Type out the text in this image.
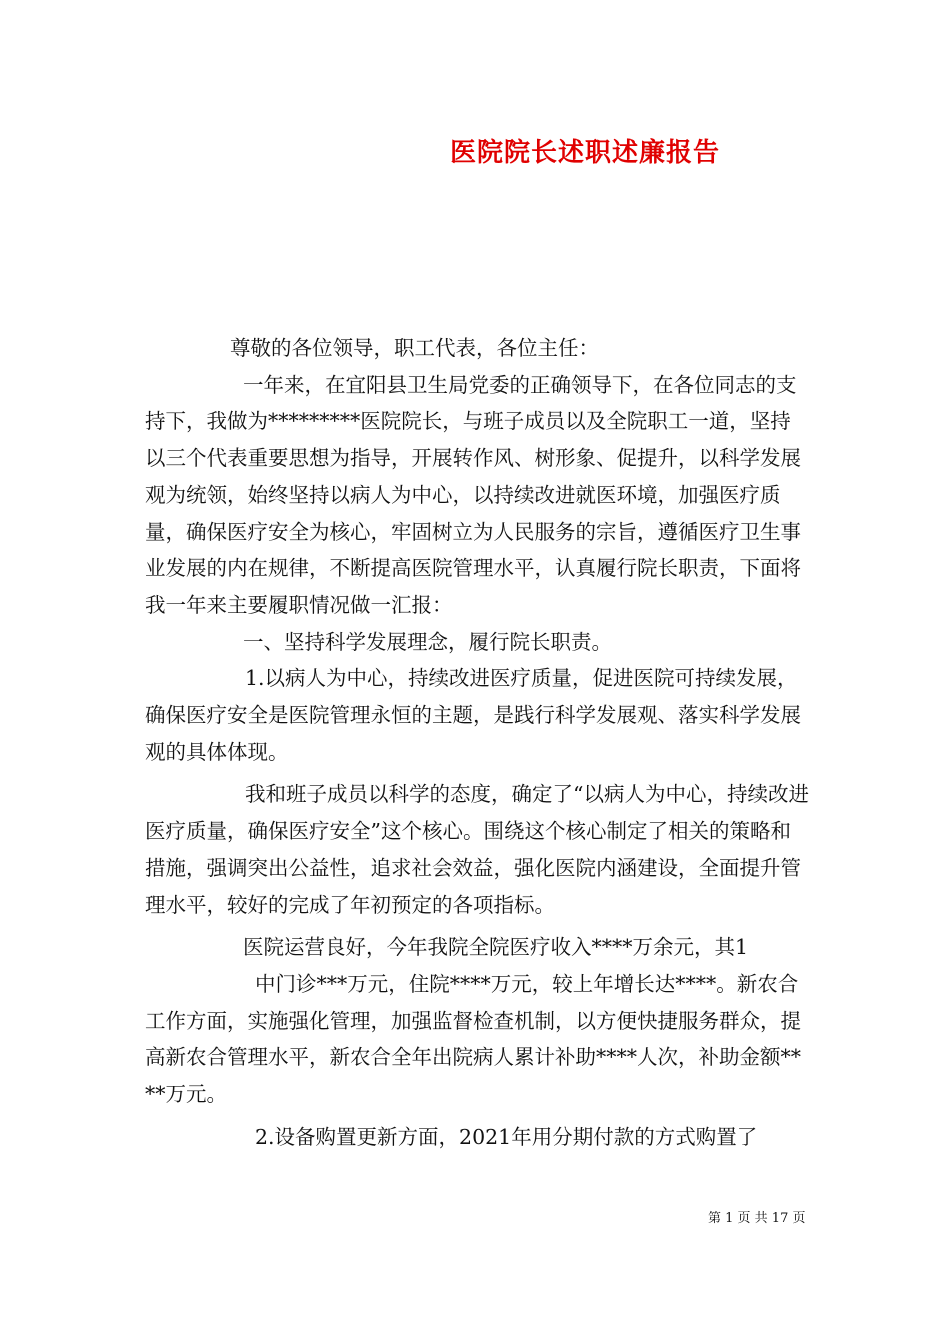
医院院长述职述廉报告

尊敬的各位领导，职工代表，各位主任：

一年来，在宜阳县卫生局党委的正确领导下，在各位同志的支持下，我做为*********医院院长，与班子成员以及全院职工一道，坚持以三个代表重要思想为指导，开展转作风、树形象、促提升，以科学发展观为统领，始终坚持以病人为中心，以持续改进就医环境，加强医疗质量，确保医疗安全为核心，牢固树立为人民服务的宗旨，遵循医疗卫生事业发展的内在规律，不断提高医院管理水平，认真履行院长职责，下面将我一年来主要履职情况做一汇报：

一、坚持科学发展理念，履行院长职责。

1.以病人为中心，持续改进医疗质量，促进医院可持续发展，确保医疗安全是医院管理永恒的主题，是践行科学发展观、落实科学发展观的具体体现。

我和班子成员以科学的态度，确定了“以病人为中心，持续改进医疗质量，确保医疗安全”这个核心。围绕这个核心制定了相关的策略和措施，强调突出公益性，追求社会效益，强化医院内涵建设，全面提升管理水平，较好的完成了年初预定的各项指标。

医院运营良好，今年我院全院医疗收入****万余元，其1

中门诊***万元，住院****万元，较上年增长达****。新农合工作方面，实施强化管理，加强监督检查机制，以方便快捷服务群众，提高新农合管理水平，新农合全年出院病人累计补助****人次，补助金额****万元。

2.设备购置更新方面，2021年用分期付款的方式购置了

第 1 页 共 17 页
